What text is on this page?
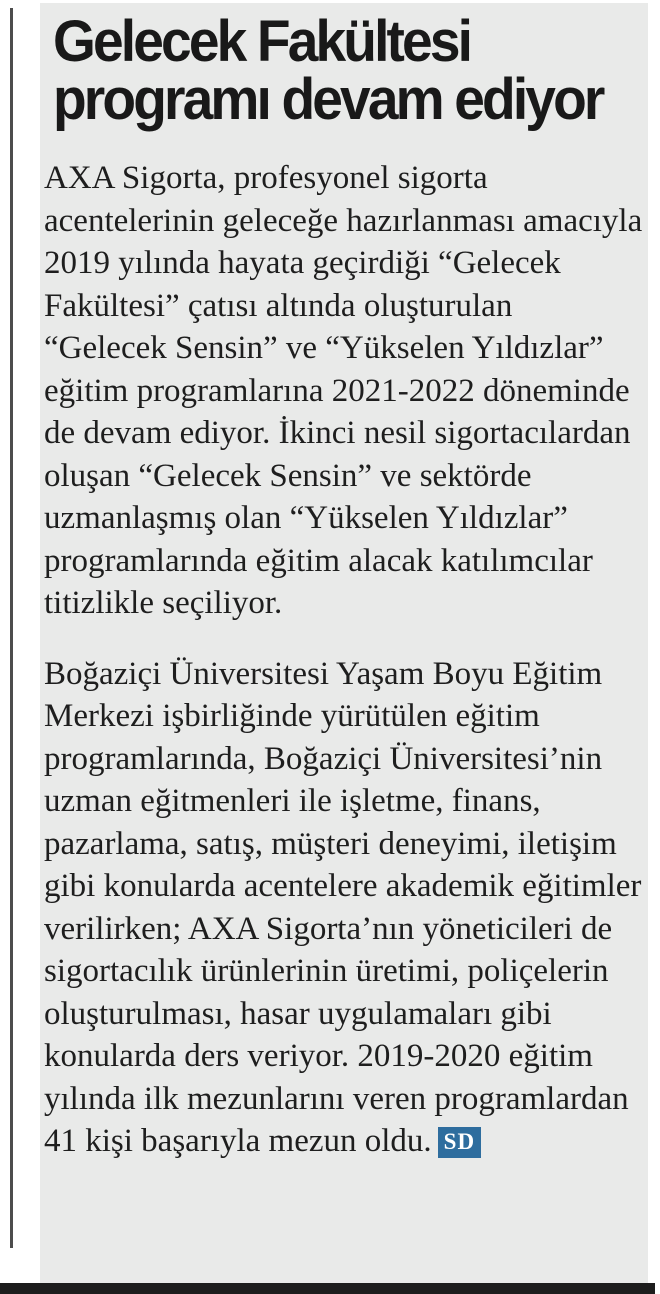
Gelecek Fakültesi
programı devam ediyor

AXA Sigorta, profesyonel sigorta acentelerinin geleceğe hazırlanması amacıyla 2019 yılında hayata geçirdiği “Gelecek Fakültesi” çatısı altında oluşturulan “Gelecek Sensin” ve “Yükselen Yıldızlar” eğitim programlarına 2021-2022 döneminde de devam ediyor. İkinci nesil sigortacılardan oluşan “Gelecek Sensin” ve sektörde uzmanlaşmış olan “Yükselen Yıldızlar” programlarında eğitim alacak katılımcılar titizlikle seçiliyor.

Boğaziçi Üniversitesi Yaşam Boyu Eğitim Merkezi işbirliğinde yürütülen eğitim programlarında, Boğaziçi Üniversitesi’nin uzman eğitmenleri ile işletme, finans, pazarlama, satış, müşteri deneyimi, iletişim gibi konularda acentelere akademik eğitimler verilirken; AXA Sigorta’nın yöneticileri de sigortacılık ürünlerinin üretimi, poliçelerin oluşturulması, hasar uygulamaları gibi konularda ders veriyor. 2019-2020 eğitim yılında ilk mezunlarını veren programlardan 41 kişi başarıyla mezun oldu. SD
